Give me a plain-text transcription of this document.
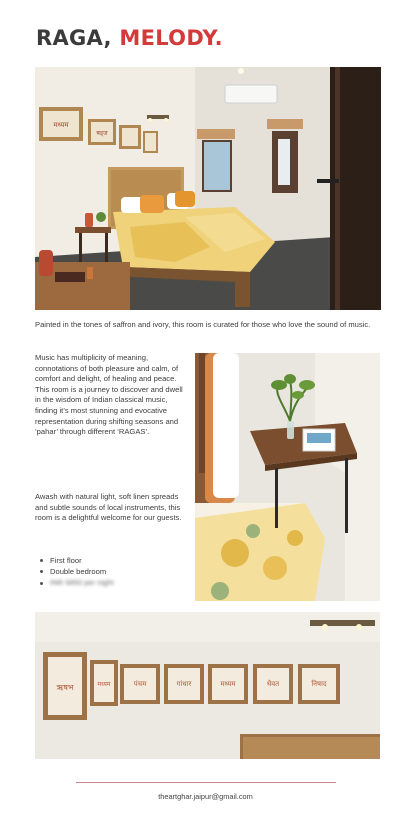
RAGA, MELODY.
मध्यम
षड्ज

Painted in the tones of saffron and ivory, this room is curated for those who love the sound of music.

Music has multiplicity of meaning, connotations of both pleasure and calm, of comfort and delight, of healing and peace. This room is a journey to discover and dwell in the wisdom of Indian classical music, finding it’s most stunning and evocative representation during shifting seasons and ‘pahar’ through different ‘RAGAS’.

Awash with natural light, soft linen spreads and subtle sounds of local instruments, this room is a delightful welcome for our guests.

First floor
Double bedroom
INR 5850 per night
ऋषभ	मध्यम	पंचम	गांधार	मध्यम	धैवत	निषाद
theartghar.jaipur@gmail.com
